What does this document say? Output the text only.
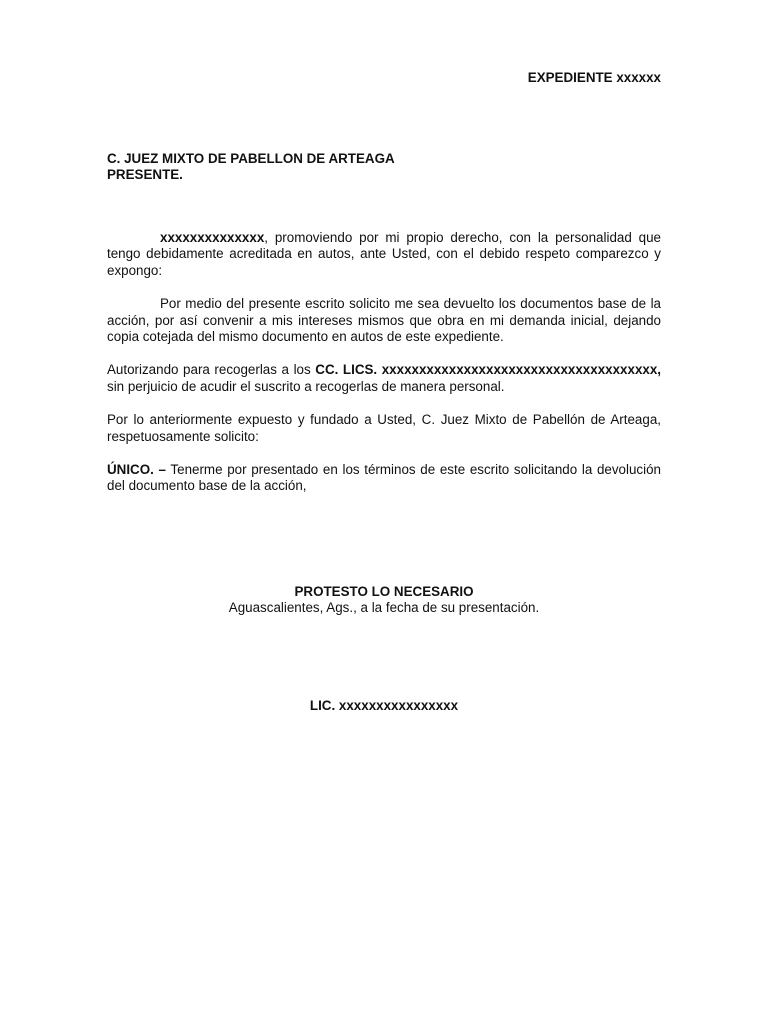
EXPEDIENTE xxxxxx

C. JUEZ MIXTO DE PABELLON DE ARTEAGA
PRESENTE.

xxxxxxxxxxxxxx, promoviendo por mi propio derecho, con la personalidad que tengo debidamente acreditada en autos, ante Usted, con el debido respeto comparezco y expongo:

Por medio del presente escrito solicito me sea devuelto los documentos base de la acción, por así convenir a mis intereses mismos que obra en mi demanda inicial, dejando copia cotejada del mismo documento en autos de este expediente.

Autorizando para recogerlas a los CC. LICS. xxxxxxxxxxxxxxxxxxxxxxxxxxxxxxxxxxxxx, sin perjuicio de acudir el suscrito a recogerlas de manera personal.

Por lo anteriormente expuesto y fundado a Usted, C. Juez Mixto de Pabellón de Arteaga, respetuosamente solicito:

ÚNICO. – Tenerme por presentado en los términos de este escrito solicitando la devolución del documento base de la acción,

PROTESTO LO NECESARIO
Aguascalientes, Ags., a la fecha de su presentación.
LIC. xxxxxxxxxxxxxxxx
